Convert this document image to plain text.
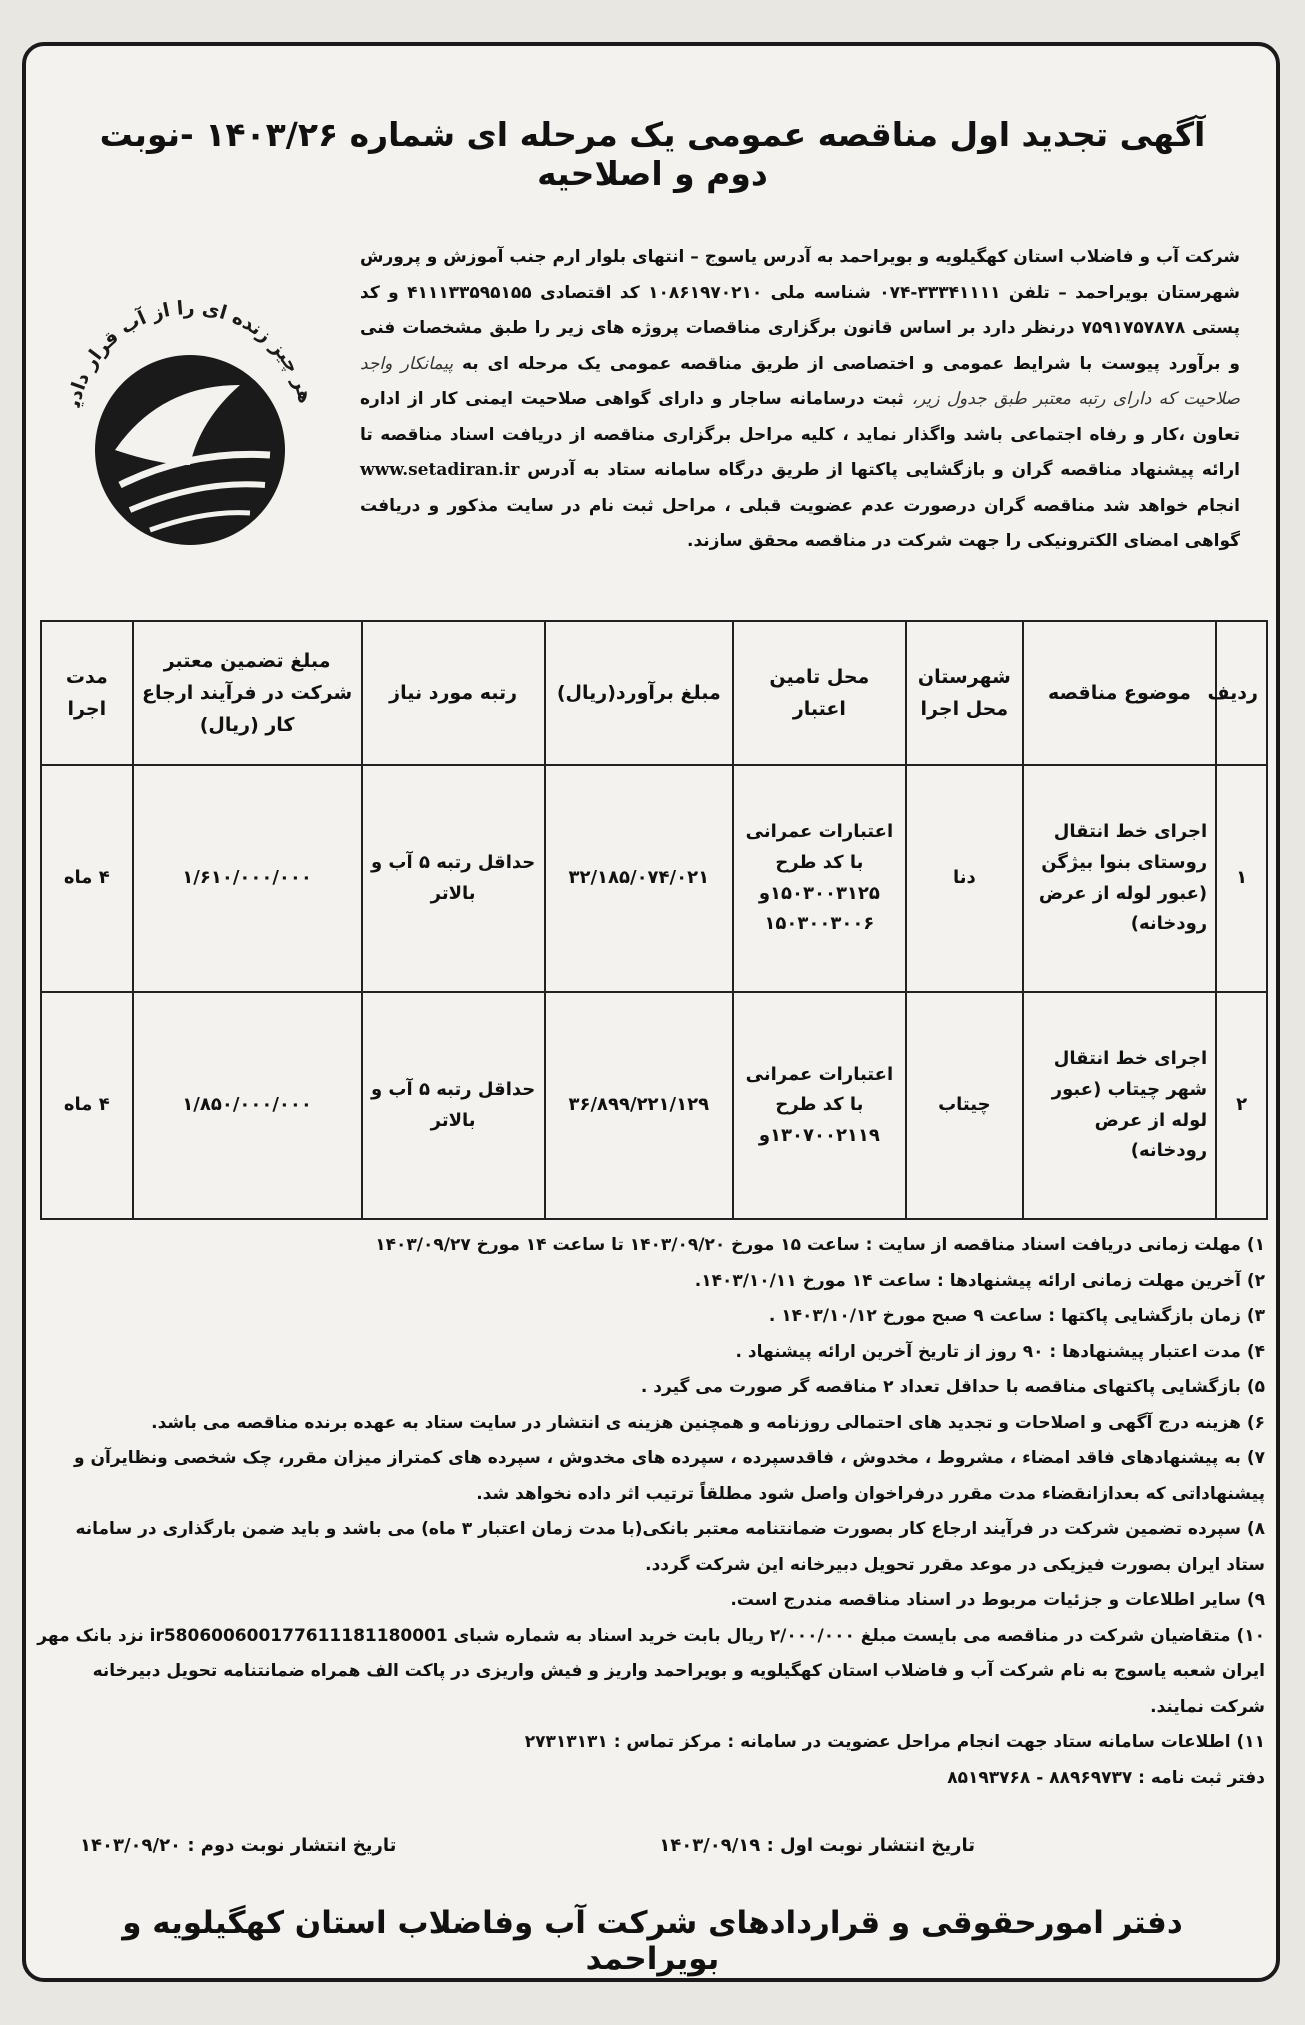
آگهی تجدید اول مناقصه عمومی یک مرحله ای شماره ۱۴۰۳/۲۶ -نوبت دوم و اصلاحیه
هر چیز زنده ای را از آب قرار دادی
شرکت آب و فاضلاب استان کهگیلویه و بویراحمد به آدرس یاسوج – انتهای بلوار ارم جنب آموزش و پرورش شهرستان بویراحمد – تلفن ۳۳۳۴۱۱۱۱-۰۷۴ شناسه ملی ۱۰۸۶۱۹۷۰۲۱۰ کد اقتصادی ۴۱۱۱۳۳۵۹۵۱۵۵ و کد پستی ۷۵۹۱۷۵۷۸۷۸ درنظر دارد بر اساس قانون برگزاری مناقصات پروژه های زیر را طبق مشخصات فنی و برآورد پیوست با شرایط عمومی و اختصاصی از طریق مناقصه عمومی یک مرحله ای به پیمانکار واجد صلاحیت که دارای رتبه معتبر طبق جدول زیر، ثبت درسامانه ساجار و دارای گواهی صلاحیت ایمنی کار از اداره تعاون ،کار و رفاه اجتماعی باشد واگذار نماید ، کلیه مراحل برگزاری مناقصه از دریافت اسناد مناقصه تا ارائه پیشنهاد مناقصه گران و بازگشایی پاکتها از طریق درگاه سامانه ستاد به آدرس www.setadiran.ir انجام خواهد شد مناقصه گران درصورت عدم عضویت قبلی ، مراحل ثبت نام در سایت مذکور و دریافت گواهی امضای الکترونیکی را جهت شرکت در مناقصه محقق سازند.
ردیف	موضوع مناقصه	شهرستان محل اجرا	محل تامین اعتبار	مبلغ برآورد(ریال)	رتبه مورد نیاز	مبلغ تضمین معتبر شرکت در فرآیند ارجاع کار (ریال)	مدت اجرا
۱	اجرای خط انتقال روستای بنوا بیژگن (عبور لوله از عرض رودخانه)	دنا	اعتبارات عمرانی با کد طرح ۱۵۰۳۰۰۳۱۲۵و ۱۵۰۳۰۰۳۰۰۶	۳۲/۱۸۵/۰۷۴/۰۲۱	حداقل رتبه ۵ آب و بالاتر	۱/۶۱۰/۰۰۰/۰۰۰	۴ ماه
۲	اجرای خط انتقال شهر چیتاب (عبور لوله از عرض رودخانه)	چیتاب	اعتبارات عمرانی با کد طرح ۱۳۰۷۰۰۲۱۱۹و	۳۶/۸۹۹/۲۲۱/۱۲۹	حداقل رتبه ۵ آب و بالاتر	۱/۸۵۰/۰۰۰/۰۰۰	۴ ماه

۱) مهلت زمانی دریافت اسناد مناقصه از سایت : ساعت ۱۵ مورخ ۱۴۰۳/۰۹/۲۰ تا ساعت ۱۴ مورخ ۱۴۰۳/۰۹/۲۷

۲) آخرین مهلت زمانی ارائه پیشنهادها : ساعت ۱۴ مورخ ۱۴۰۳/۱۰/۱۱.

۳) زمان بازگشایی پاکتها : ساعت ۹ صبح مورخ ۱۴۰۳/۱۰/۱۲ .

۴) مدت اعتبار پیشنهادها : ۹۰ روز از تاریخ آخرین ارائه پیشنهاد .

۵) بازگشایی پاکتهای مناقصه با حداقل تعداد ۲ مناقصه گر صورت می گیرد .

۶) هزینه درج آگهی و اصلاحات و تجدید های احتمالی روزنامه و همچنین هزینه ی انتشار در سایت ستاد به عهده برنده مناقصه می باشد.

۷) به پیشنهادهای فاقد امضاء ، مشروط ، مخدوش ، فاقدسپرده ، سپرده های مخدوش ، سپرده های کمتراز میزان مقرر، چک شخصی ونظایرآن و پیشنهاداتی که بعدازانقضاء مدت مقرر درفراخوان واصل شود مطلقاً ترتیب اثر داده نخواهد شد.

۸) سپرده تضمین شرکت در فرآیند ارجاع کار بصورت ضمانتنامه معتبر بانکی(با مدت زمان اعتبار ۳ ماه) می باشد و باید ضمن بارگذاری در سامانه ستاد ایران بصورت فیزیکی در موعد مقرر تحویل دبیرخانه این شرکت گردد.

۹) سایر اطلاعات و جزئیات مربوط در اسناد مناقصه مندرج است.

۱۰) متقاضیان شرکت در مناقصه می بایست مبلغ ۲/۰۰۰/۰۰۰ ریال بابت خرید اسناد به شماره شبای ir580600600177611181180001 نزد بانک مهر ایران شعبه یاسوج به نام شرکت آب و فاضلاب استان کهگیلویه و بویراحمد واریز و فیش واریزی در پاکت الف همراه ضمانتنامه تحویل دبیرخانه شرکت نمایند.

۱۱) اطلاعات سامانه ستاد جهت انجام مراحل عضویت در سامانه : مرکز تماس : ۲۷۳۱۳۱۳۱

دفتر ثبت نامه : ۸۸۹۶۹۷۳۷ - ۸۵۱۹۳۷۶۸

تاریخ انتشار نوبت اول : ۱۴۰۳/۰۹/۱۹
تاریخ انتشار نوبت دوم : ۱۴۰۳/۰۹/۲۰
دفتر امورحقوقی و قراردادهای شرکت آب وفاضلاب استان کهگیلویه و بویراحمد
